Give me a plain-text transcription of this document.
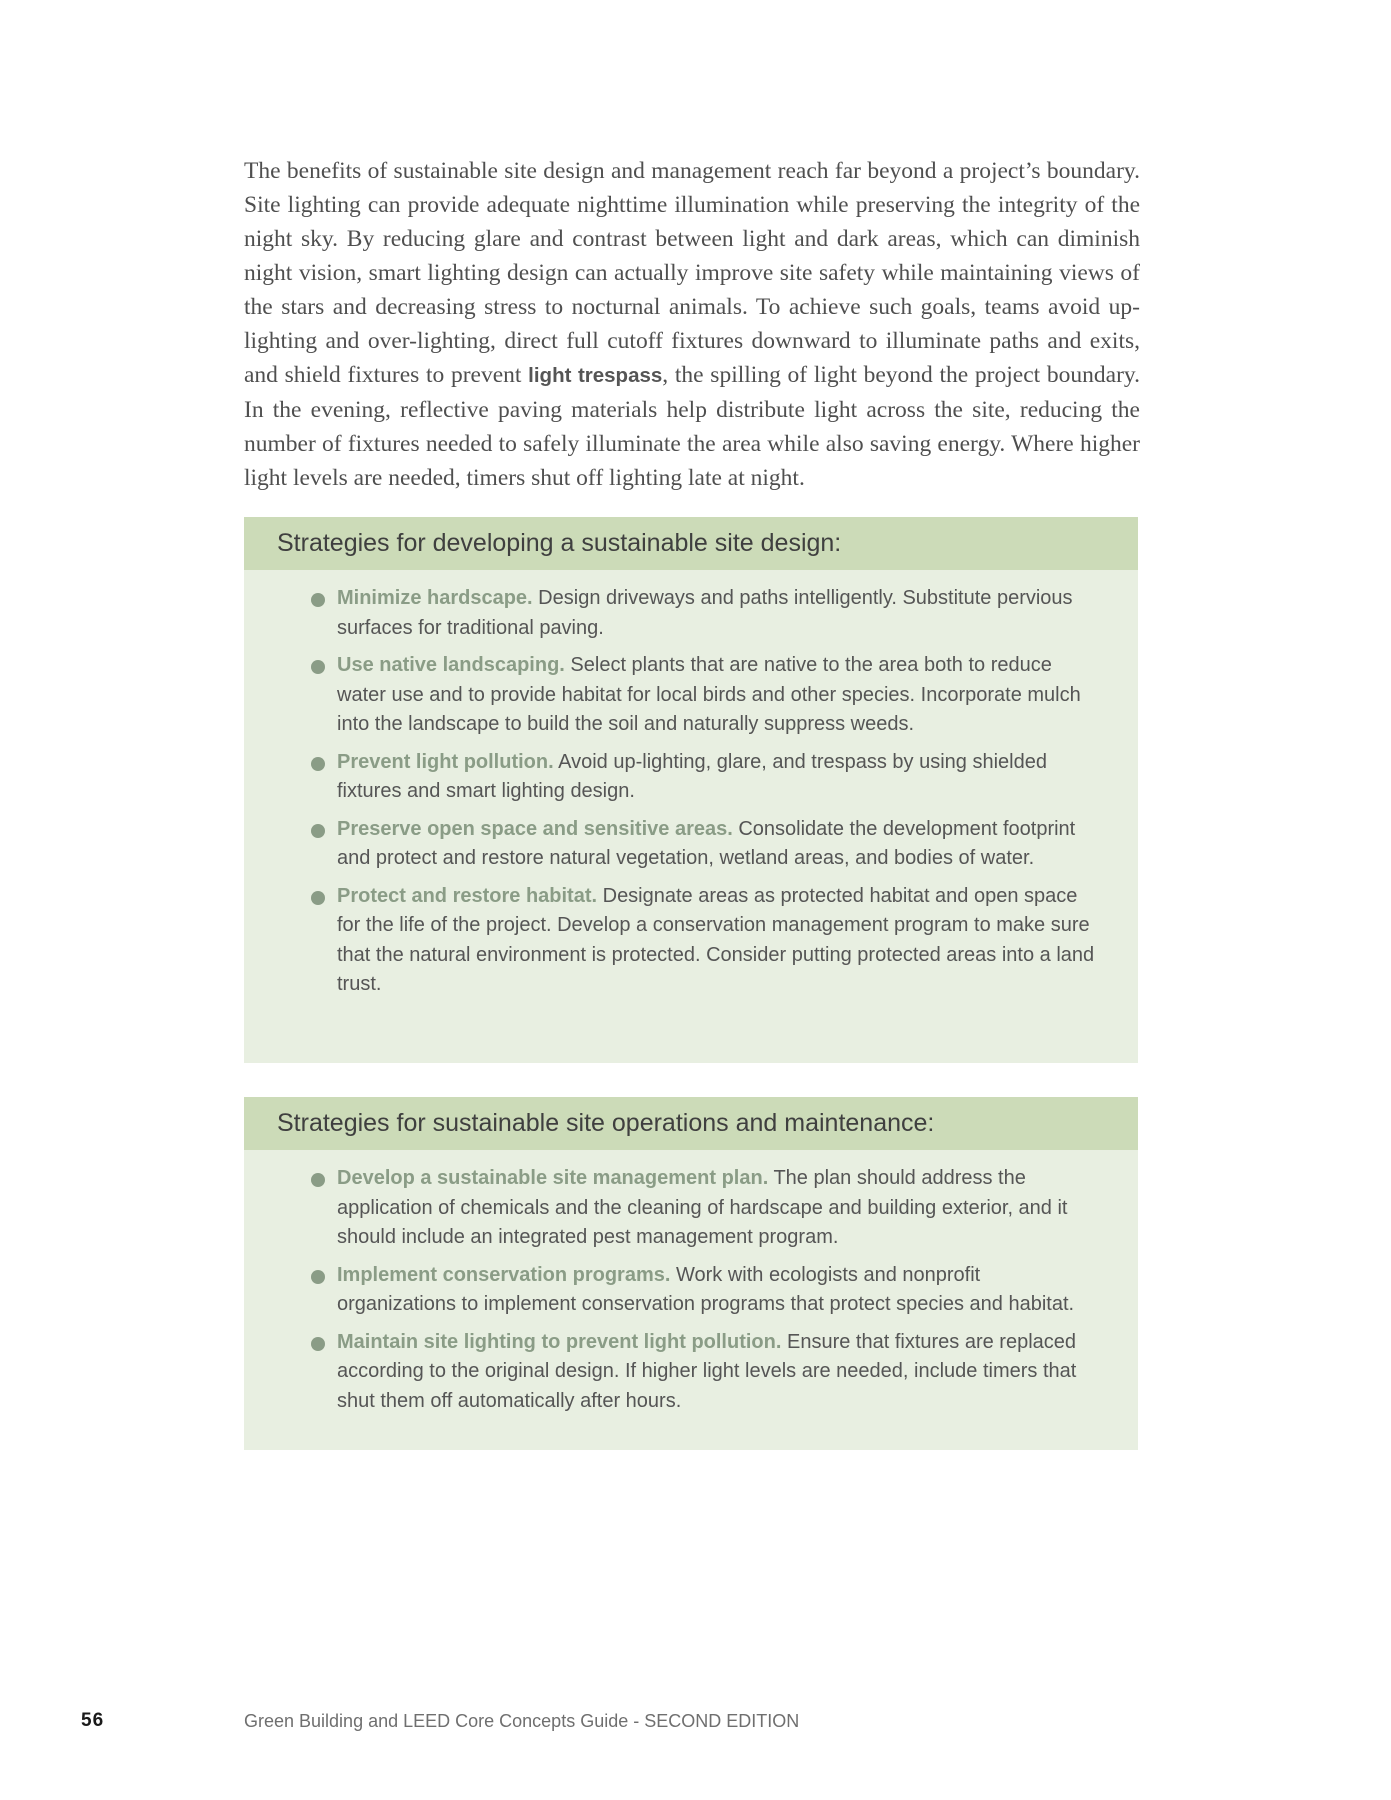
The benefits of sustainable site design and management reach far beyond a project’s boundary. Site lighting can provide adequate nighttime illumination while preserving the integrity of the night sky. By reducing glare and contrast between light and dark areas, which can diminish night vision, smart lighting design can actually improve site safety while maintaining views of the stars and decreasing stress to nocturnal animals. To achieve such goals, teams avoid up-lighting and over-lighting, direct full cutoff fixtures downward to illuminate paths and exits, and shield fixtures to prevent light trespass, the spilling of light beyond the project boundary. In the evening, reflective paving materials help distribute light across the site, reducing the number of fixtures needed to safely illuminate the area while also saving energy. Where higher light levels are needed, timers shut off lighting late at night.

Strategies for developing a sustainable site design:
Minimize hardscape. Design driveways and paths intelligently. Substitute pervious surfaces for traditional paving.
Use native landscaping. Select plants that are native to the area both to reduce water use and to provide habitat for local birds and other species. Incorporate mulch into the landscape to build the soil and naturally suppress weeds.
Prevent light pollution. Avoid up-lighting, glare, and trespass by using shielded fixtures and smart lighting design.
Preserve open space and sensitive areas. Consolidate the development footprint and protect and restore natural vegetation, wetland areas, and bodies of water.
Protect and restore habitat. Designate areas as protected habitat and open space for the life of the project. Develop a conservation management program to make sure that the natural environment is protected. Consider putting protected areas into a land trust.
Strategies for sustainable site operations and maintenance:
Develop a sustainable site management plan. The plan should address the application of chemicals and the cleaning of hardscape and building exterior, and it should include an integrated pest management program.
Implement conservation programs. Work with ecologists and nonprofit organizations to implement conservation programs that protect species and habitat.
Maintain site lighting to prevent light pollution. Ensure that fixtures are replaced according to the original design. If higher light levels are needed, include timers that shut them off automatically after hours.
56	Green Building and LEED Core Concepts Guide - SECOND EDITION
